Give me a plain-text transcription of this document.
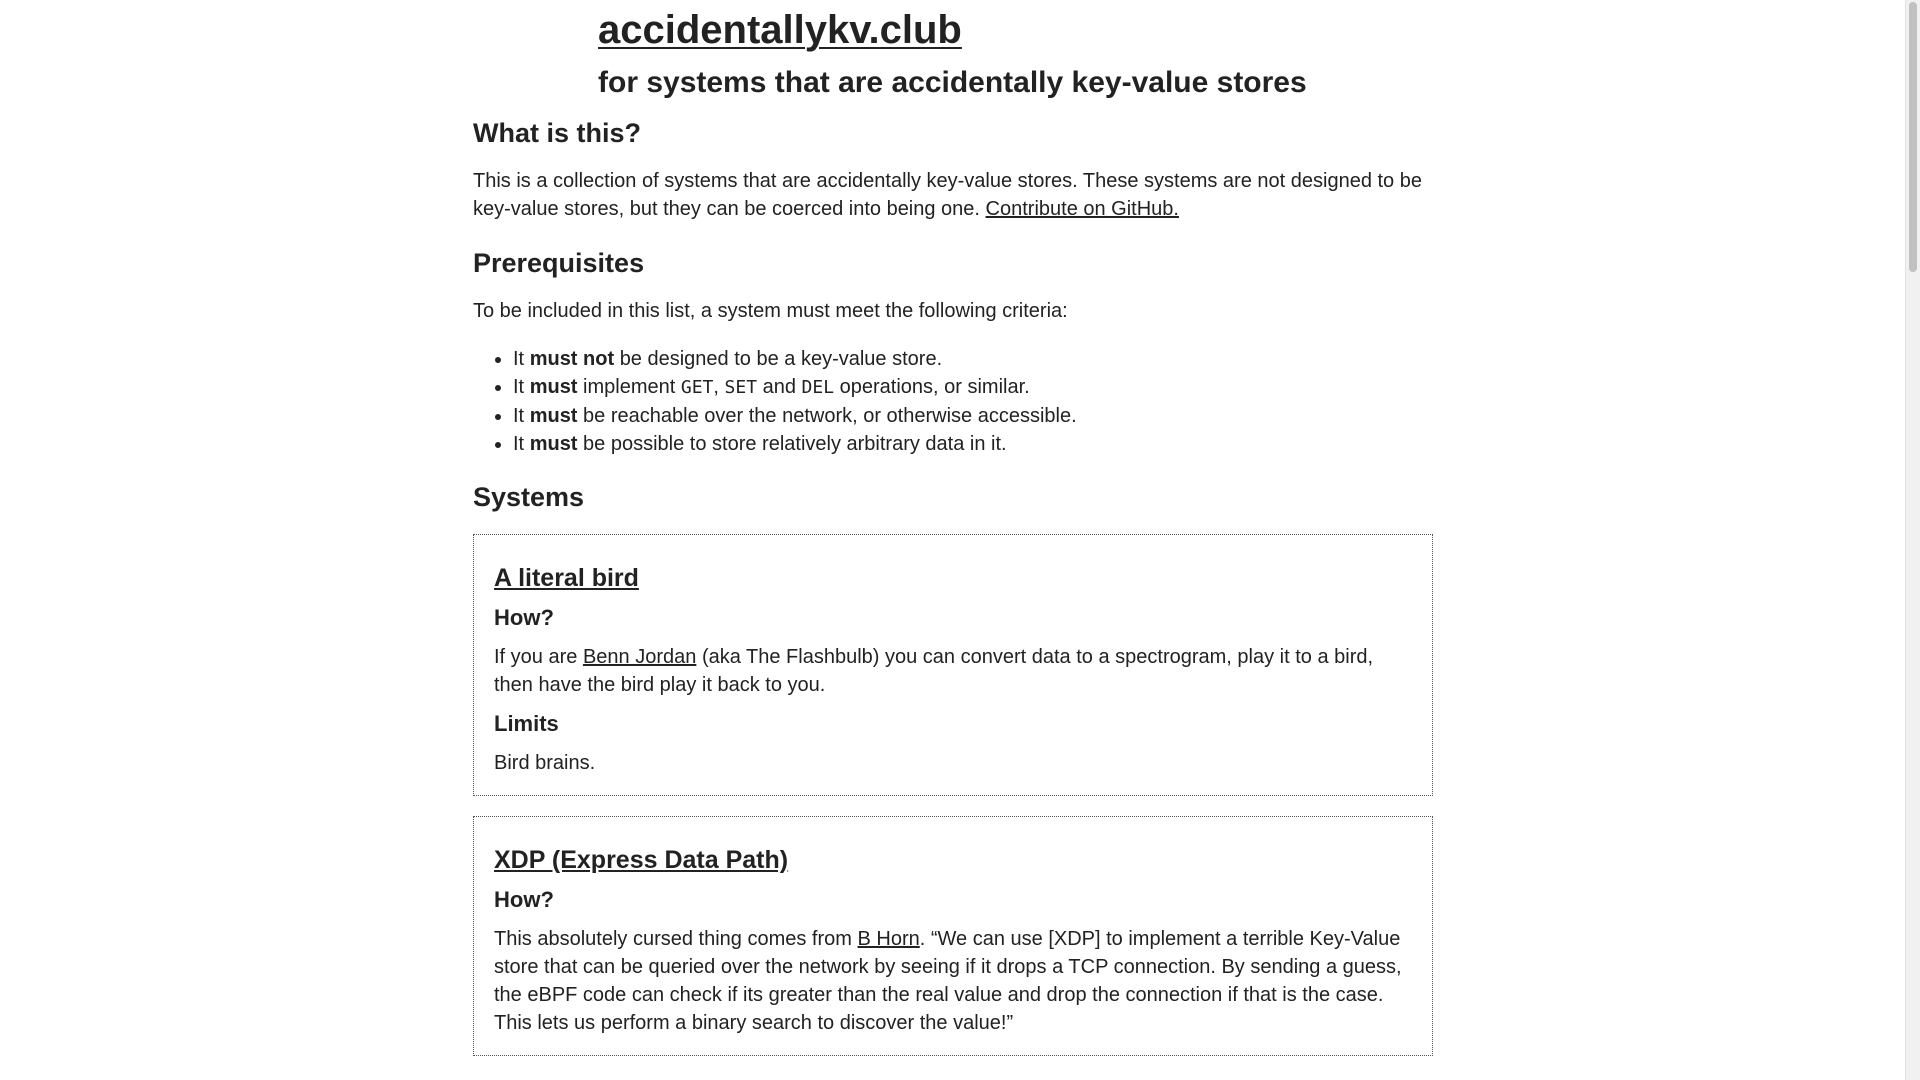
accidentallykv.club

for systems that are accidentally key-value stores

What is this?

This is a collection of systems that are accidentally key-value stores. These systems are not designed to be key-value stores, but they can be coerced into being one. Contribute on GitHub.

Prerequisites

To be included in this list, a system must meet the following criteria:

• It must not be designed to be a key-value store.
• It must implement GET, SET and DEL operations, or similar.
• It must be reachable over the network, or otherwise accessible.
• It must be possible to store relatively arbitrary data in it.
Systems
A literal bird
How?

If you are Benn Jordan (aka The Flashbulb) you can convert data to a spectrogram, play it to a bird, then have the bird play it back to you.

Limits

Bird brains.

XDP (Express Data Path)
How?

This absolutely cursed thing comes from B Horn. “We can use [XDP] to implement a terrible Key-Value store that can be queried over the network by seeing if it drops a TCP connection. By sending a guess, the eBPF code can check if its greater than the real value and drop the connection if that is the case. This lets us perform a binary search to discover the value!”
